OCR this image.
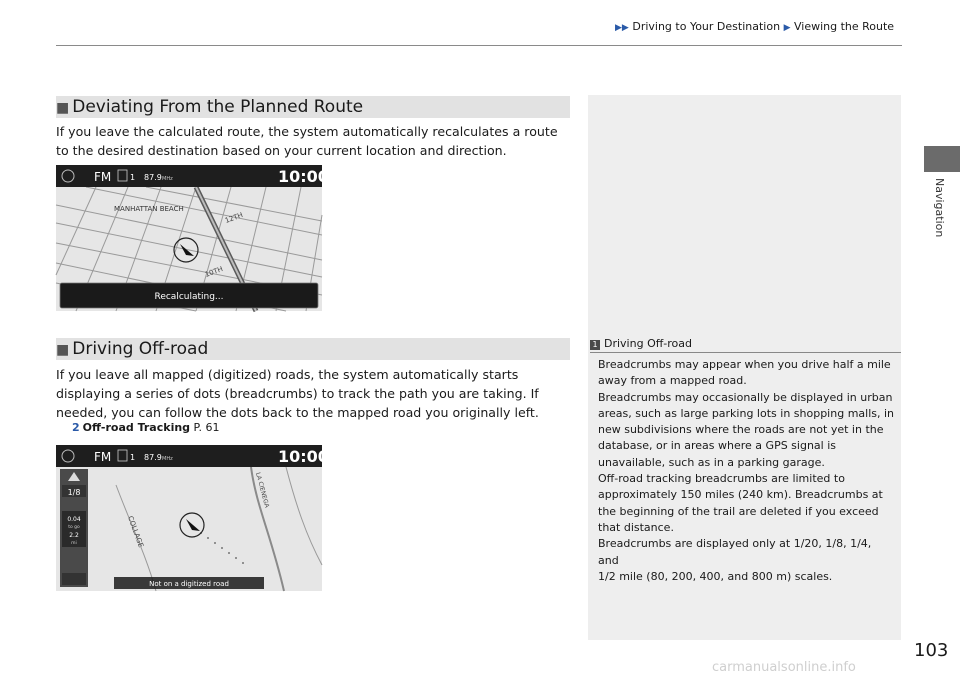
▶▶ Driving to Your Destination ▶ Viewing the Route
Navigation
■ Deviating From the Planned Route
If you leave the calculated route, the system automatically recalculates a route to the desired destination based on your current location and direction.
FM 1 87.9 MHz	10:00
MANHATTAN BEACH
12TH
10TH
Recalculating...
■ Driving Off-road
If you leave all mapped (digitized) roads, the system automatically starts displaying a series of dots (breadcrumbs) to track the path you are taking. If needed, you can follow the dots back to the mapped road you originally left.
2 Off-road Tracking P. 61
FM 1 87.9 MHz	10:00
1/8
0.04
to go
2.2
mi	COLLAGE
LA CIENEGA
Not on a digitized road
1 Driving Off-road
Breadcrumbs may appear when you drive half a mile
away from a mapped road.
Breadcrumbs may occasionally be displayed in urban
areas, such as large parking lots in shopping malls, in
new subdivisions where the roads are not yet in the
database, or in areas where a GPS signal is
unavailable, such as in a parking garage.
Off-road tracking breadcrumbs are limited to
approximately 150 miles (240 km). Breadcrumbs at
the beginning of the trail are deleted if you exceed
that distance.
Breadcrumbs are displayed only at 1/20, 1/8, 1/4, and
1/2 mile (80, 200, 400, and 800 m) scales.
103
carmanualsonline.info
